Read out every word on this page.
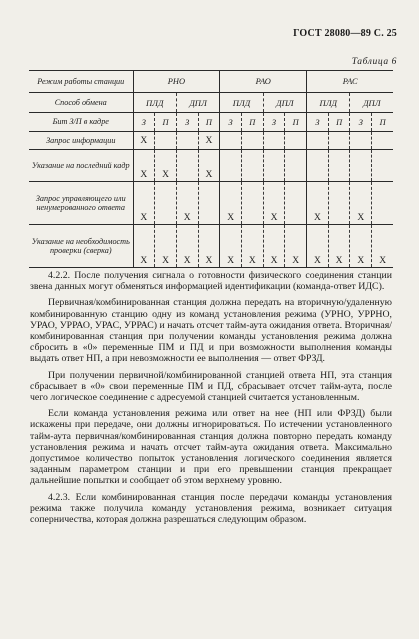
ГОСТ 28080—89 С. 25
Таблица 6
Режим работы станции	РНО				РАО				РАС			
Способ обмена	ПЛД		ДПЛ		ПЛД		ДПЛ		ПЛД		ДПЛ	
Бит З/П в кадре	З	П	З	П	З	П	З	П	З	П	З	П
Запрос информации	X			X								
Указание на последний кадр	X	X		X								
Запрос управляющего или ненумерованного ответа	X		X		X		X		X		X	
Указание на необходимость проверки (сверка)	X	X	X	X	X	X	X	X	X	X	X	X

4.2.2. После получения сигнала о готовности физического соединения станции звена данных могут обменяться информацией идентификации (команда-ответ ИДС).

Первичная/комбинированная станция должна передать на вторичную/удаленную комбинированную станцию одну из команд установления режима (УРНО, УРРНО, УРАО, УРРАО, УРАС, УРРАС) и начать отсчет тайм-аута ожидания ответа. Вторичная/комбинированная станция при получении команды установления режима должна сбросить в «0» переменные ПМ и ПД и при возможности выполнения команды выдать ответ НП, а при невозможности ее выполнения — ответ ФРЗД.

При получении первичной/комбинированной станцией ответа НП, эта станция сбрасывает в «0» свои переменные ПМ и ПД, сбрасывает отсчет тайм-аута, после чего логическое соединение с адресуемой станцией считается установленным.

Если команда установления режима или ответ на нее (НП или ФРЗД) были искажены при передаче, они должны игнорироваться. По истечении установленного тайм-аута первичная/комбинированная станция должна повторно передать команду установления режима и начать отсчет тайм-аута ожидания ответа. Максимально допустимое количество попыток установления логического соединения является заданным параметром станции и при его превышении станция прекращает дальнейшие попытки и сообщает об этом верхнему уровню.

4.2.3. Если комбинированная станция после передачи команды установления режима также получила команду установления режима, возникает ситуация соперничества, которая должна разрешаться следующим образом.
